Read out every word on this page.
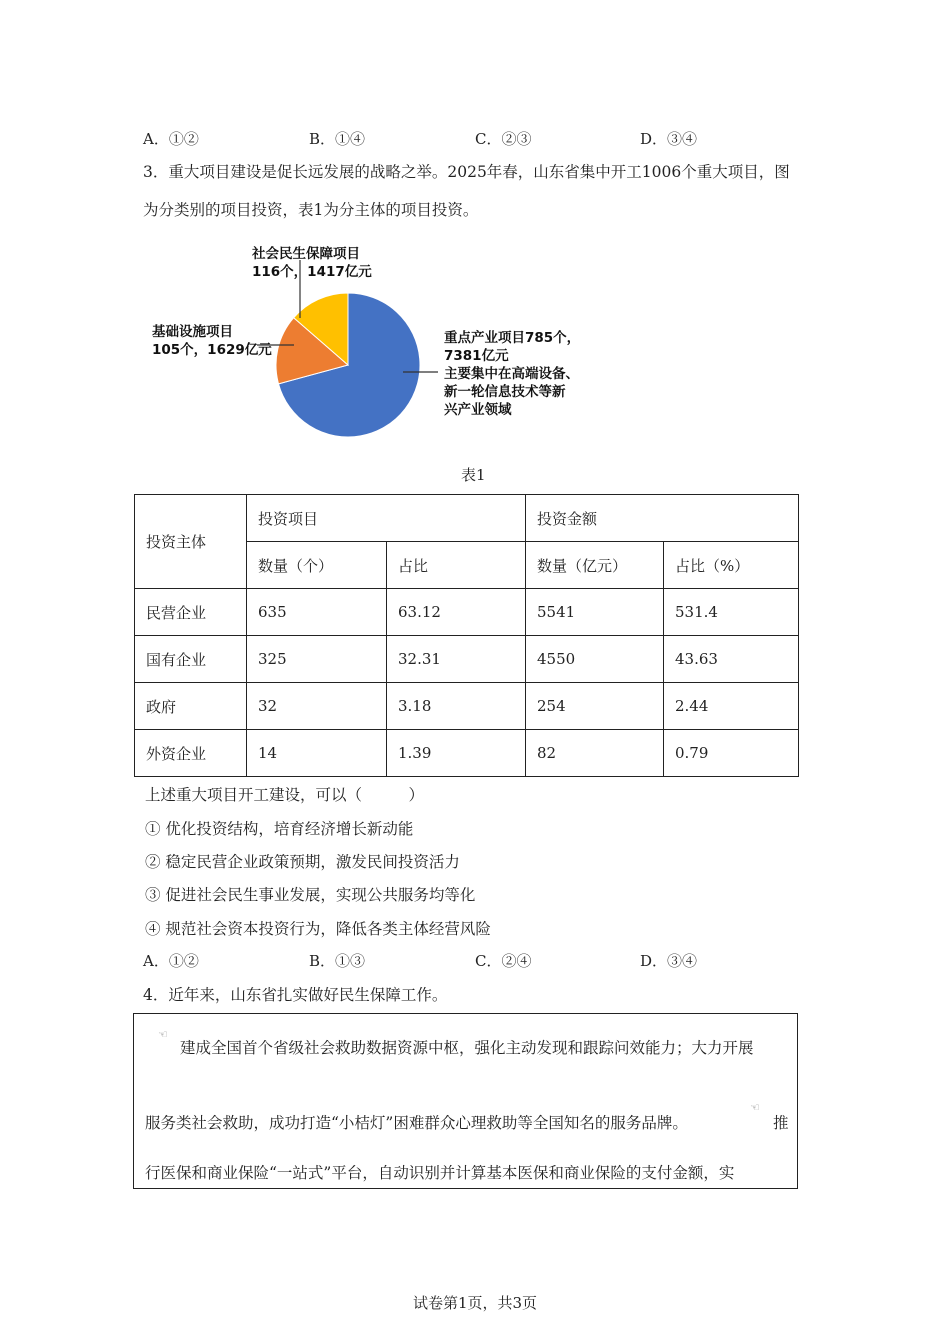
A．①②	B．①④	C．②③	D．③④
3．重大项目建设是促长远发展的战略之举。2025年春，山东省集中开工1006个重大项目，图
为分类别的项目投资，表1为分主体的项目投资。
社会民生保障项目
116个，1417亿元
基础设施项目
105个，1629亿元
重点产业项目785个，
7381亿元
主要集中在高端设备、
新一轮信息技术等新
兴产业领域
表1
投资主体	投资项目		投资金额	
	数量（个）	占比	数量（亿元）	占比（%）
民营企业	635	63.12	5541	531.4
国有企业	325	32.31	4550	43.63
政府	32	3.18	254	2.44
外资企业	14	1.39	82	0.79
上述重大项目开工建设，可以（　　　）
① 优化投资结构，培育经济增长新动能
② 稳定民营企业政策预期，激发民间投资活力
③ 促进社会民生事业发展，实现公共服务均等化
④ 规范社会资本投资行为，降低各类主体经营风险
A．①②	B．①③	C．②④	D．③④
4．近年来，山东省扎实做好民生保障工作。
☜
建成全国首个省级社会救助数据资源中枢，强化主动发现和跟踪问效能力；大力开展
服务类社会救助，成功打造“小桔灯”困难群众心理救助等全国知名的服务品牌。
☜
推
行医保和商业保险“一站式”平台，自动识别并计算基本医保和商业保险的支付金额，实
试卷第1页，共3页
